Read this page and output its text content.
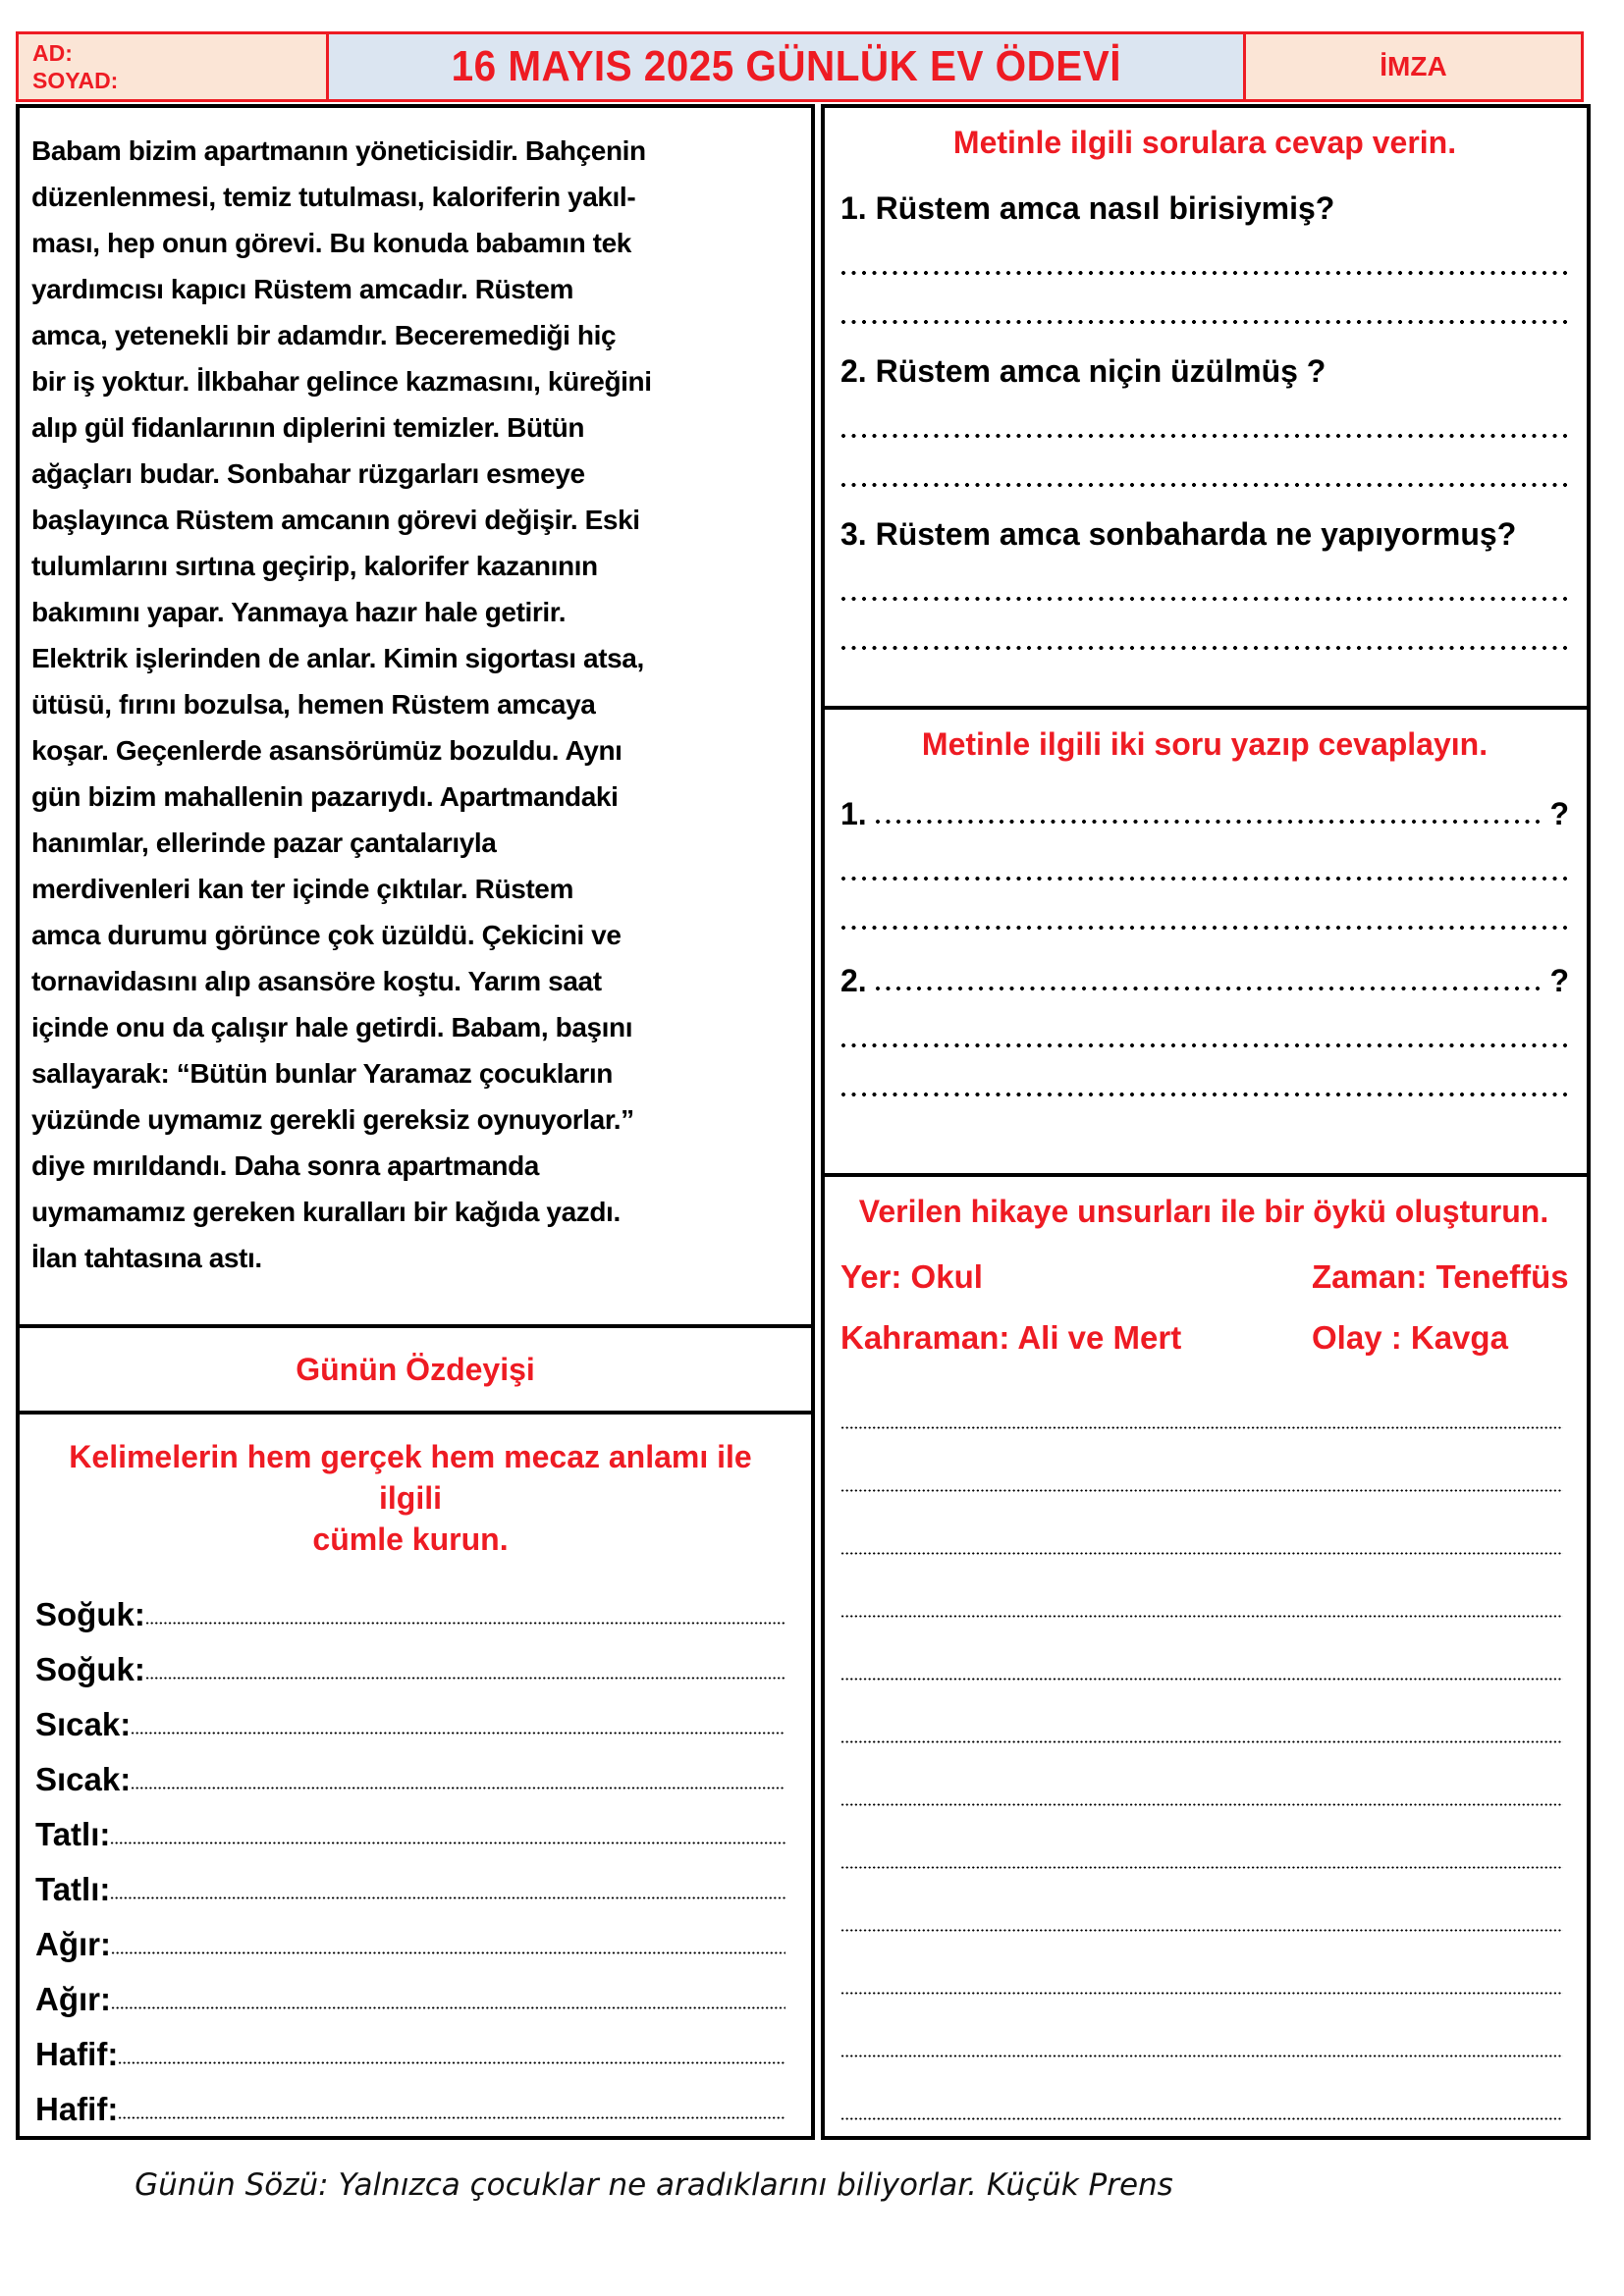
AD:
SOYAD:	16 MAYIS 2025 GÜNLÜK EV ÖDEVİ	İMZA
Babam bizim apartmanın yöneticisidir. Bahçenin
düzenlenmesi, temiz tutulması, kaloriferin yakıl-
ması, hep onun görevi. Bu konuda babamın tek
yardımcısı kapıcı Rüstem amcadır. Rüstem
amca, yetenekli bir adamdır. Beceremediği hiç
bir iş yoktur. İlkbahar gelince kazmasını, küreğini
alıp gül fidanlarının diplerini temizler. Bütün
ağaçları budar. Sonbahar rüzgarları esmeye
başlayınca Rüstem amcanın görevi değişir. Eski
tulumlarını sırtına geçirip, kalorifer kazanının
bakımını yapar. Yanmaya hazır hale getirir.
Elektrik işlerinden de anlar. Kimin sigortası atsa,
ütüsü, fırını bozulsa, hemen Rüstem amcaya
koşar. Geçenlerde asansörümüz bozuldu. Aynı
gün bizim mahallenin pazarıydı. Apartmandaki
hanımlar, ellerinde pazar çantalarıyla
merdivenleri kan ter içinde çıktılar. Rüstem
amca durumu görünce çok üzüldü. Çekicini ve
tornavidasını alıp asansöre koştu. Yarım saat
içinde onu da çalışır hale getirdi. Babam, başını
sallayarak: “Bütün bunlar Yaramaz çocukların
yüzünde uymamız gerekli gereksiz oynuyorlar.”
diye mırıldandı. Daha sonra apartmanda
uymamamız gereken kuralları bir kağıda yazdı.
İlan tahtasına astı.
Günün Özdeyişi
Kelimelerin hem gerçek hem mecaz anlamı ile ilgili
cümle kurun.
Soğuk:
Soğuk:
Sıcak:
Sıcak:
Tatlı:
Tatlı:
Ağır:
Ağır:
Hafif:
Hafif:
Metinle ilgili sorulara cevap verin.
1. Rüstem amca nasıl birisiymiş?
2. Rüstem amca niçin üzülmüş ?
3. Rüstem amca sonbaharda ne yapıyormuş?
Metinle ilgili iki soru yazıp cevaplayın.
1.	?
2.	?
Verilen hikaye unsurları ile bir öykü oluşturun.
Yer: Okul	Zaman: Teneffüs
Kahraman: Ali ve Mert	Olay : Kavga
Günün Sözü: Yalnızca çocuklar ne aradıklarını biliyorlar. Küçük Prens
